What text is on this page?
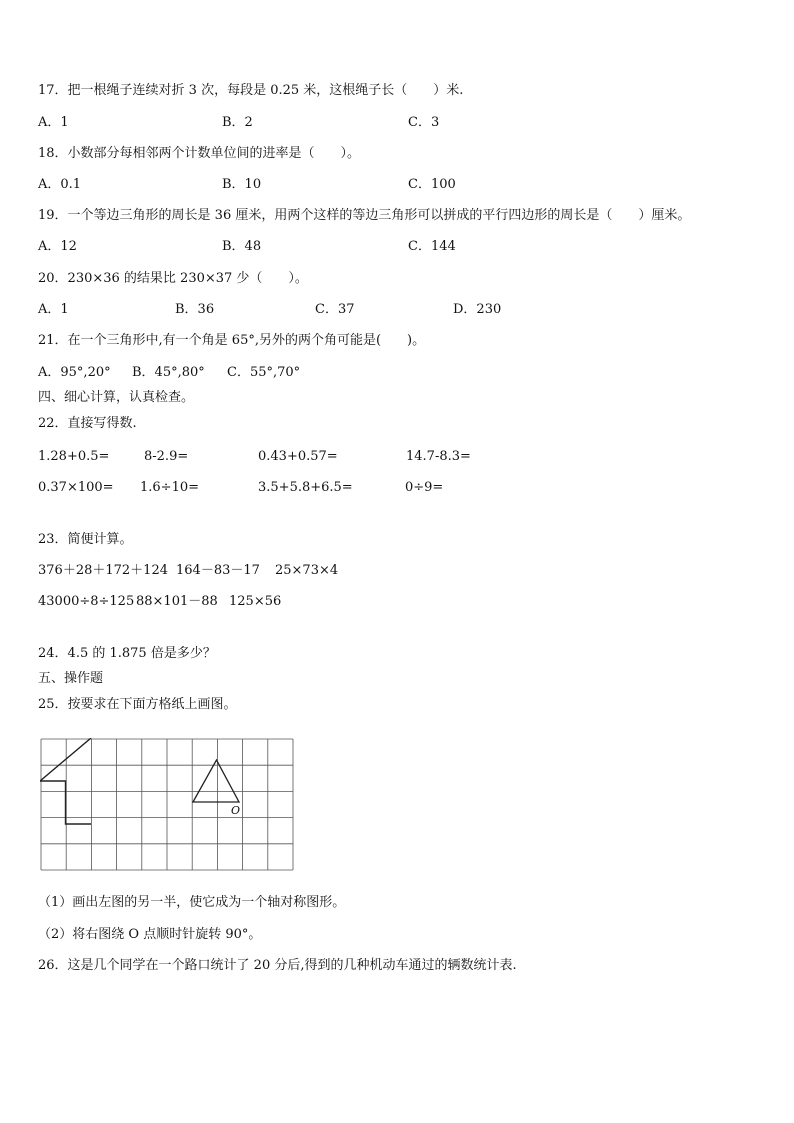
17．把一根绳子连续对折 3 次，每段是 0.25 米，这根绳子长（　　）米.
A．1	B．2	C．3
18．小数部分每相邻两个计数单位间的进率是（　　）。
A．0.1	B．10	C．100
19．一个等边三角形的周长是 36 厘米，用两个这样的等边三角形可以拼成的平行四边形的周长是（　　）厘米。
A．12	B．48	C．144
20．230×36 的结果比 230×37 少（　　）。
A．1	B．36	C．37	D．230
21．在一个三角形中,有一个角是 65°,另外的两个角可能是(　　)。
A．95°,20° B．45°,80° C．55°,70°
四、细心计算，认真检查。
22．直接写得数.
1.28+0.5=	8-2.9=	0.43+0.57=	14.7-8.3=
0.37×100= 1.6÷10=	3.5+5.8+6.5=	0÷9=
23．简便计算。
376＋28＋172＋124 164－83－17 25×73×4
43000÷8÷125 88×101－88 125×56
24．4.5 的 1.875 倍是多少？
五、操作题
25．按要求在下面方格纸上画图。
O
（1）画出左图的另一半，使它成为一个轴对称图形。
（2）将右图绕 O 点顺时针旋转 90°。
26．这是几个同学在一个路口统计了 20 分后,得到的几种机动车通过的辆数统计表.
